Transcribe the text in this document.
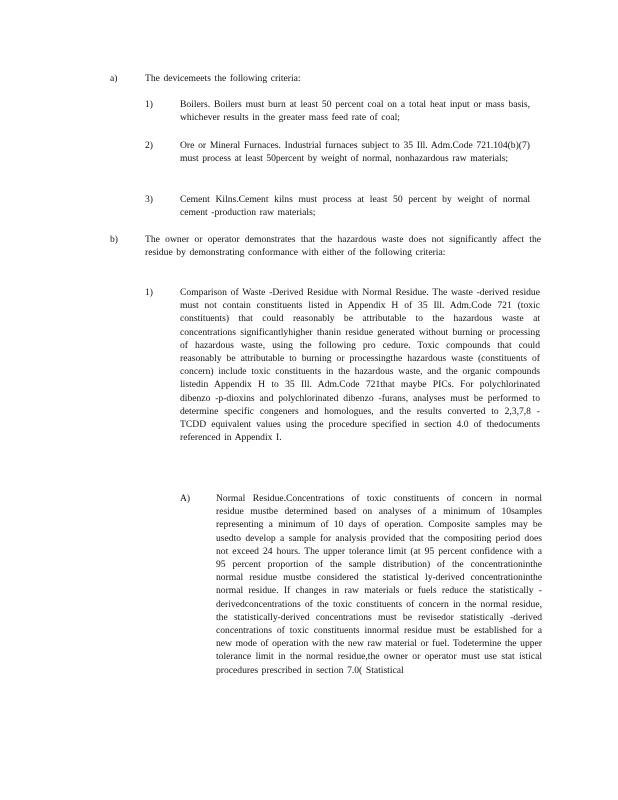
a)	The devicemeets the following criteria:
1)	Boilers. Boilers must burn at least 50 percent coal on a total heat input or mass basis, whichever results in the greater mass feed rate of coal;
2)	Ore or Mineral Furnaces. Industrial furnaces subject to 35 Ill. Adm.Code 721.104(b)(7) must process at least 50percent by weight of normal, nonhazardous raw materials;
3)	Cement Kilns.Cement kilns must process at least 50 percent by weight of normal cement -production raw materials;
b)	The owner or operator demonstrates that the hazardous waste does not significantly affect the residue by demonstrating conformance with either of the following criteria:
1)	Comparison of Waste -Derived Residue with Normal Residue. The waste -derived residue must not contain constituents listed in Appendix H of 35 Ill. Adm.Code 721 (toxic constituents) that could reasonably be attributable to the hazardous waste at concentrations significantlyhigher thanin residue generated without burning or processing of hazardous waste, using the following pro cedure. Toxic compounds that could reasonably be attributable to burning or processingthe hazardous waste (constituents of concern) include toxic constituents in the hazardous waste, and the organic compounds listedin Appendix H to 35 Ill. Adm.Code 721that maybe PICs. For polychlorinated dibenzo -p-dioxins and polychlorinated dibenzo -furans, analyses must be performed to determine specific congeners and homologues, and the results converted to 2,3,7,8 -TCDD equivalent values using the procedure specified in section 4.0 of thedocuments referenced in Appendix I.
A)	Normal Residue.Concentrations of toxic constituents of concern in normal residue mustbe determined based on analyses of a minimum of 10samples representing a minimum of 10 days of operation. Composite samples may be usedto develop a sample for analysis provided that the compositing period does not exceed 24 hours. The upper tolerance limit (at 95 percent confidence with a 95 percent proportion of the sample distribution) of the concentrationinthe normal residue mustbe considered the statistical ly-derived concentrationinthe normal residue. If changes in raw materials or fuels reduce the statistically -derivedconcentrations of the toxic constituents of concern in the normal residue, the statistically-derived concentrations must be revisedor statistically -derived concentrations of toxic constituents innormal residue must be established for a new mode of operation with the new raw material or fuel. Todetermine the upper tolerance limit in the normal residue,the owner or operator must use stat istical procedures prescribed in section 7.0( Statistical
